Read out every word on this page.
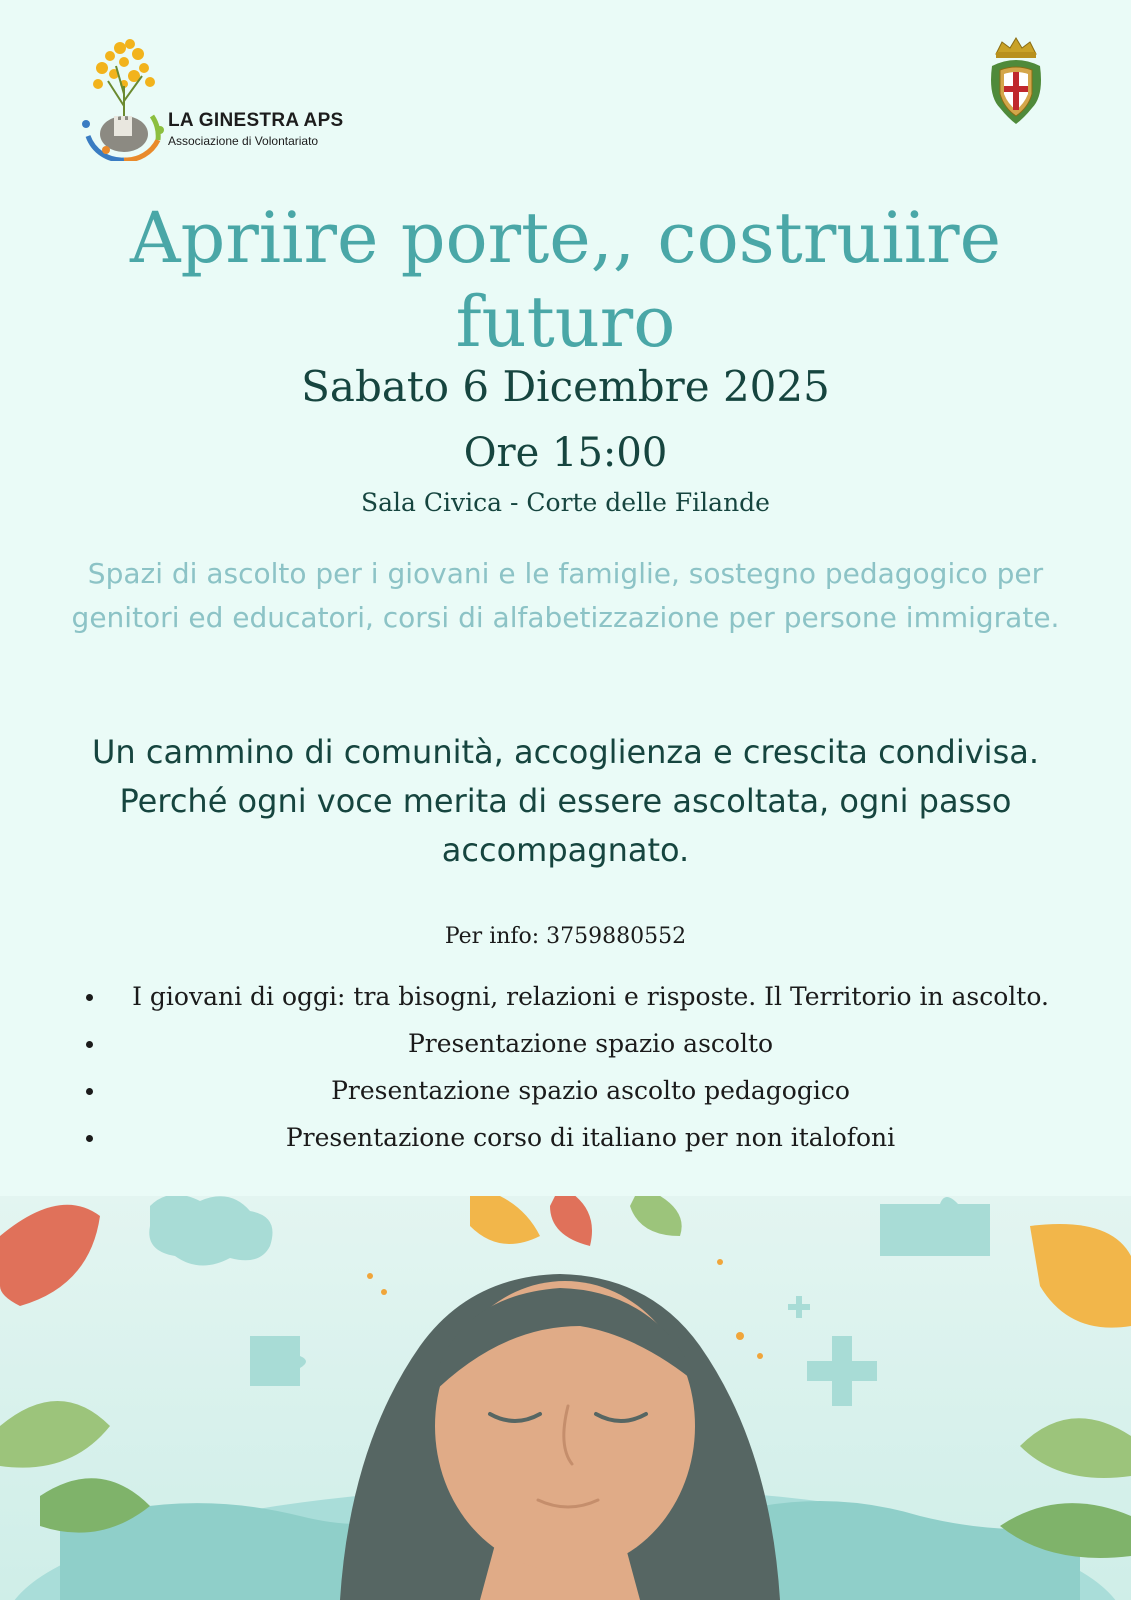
LA GINESTRA APS
Associazione di Volontariato
Apriire porte,, costruiire futuro
Sabato 6 Dicembre 2025
Ore 15:00
Sala Civica - Corte delle Filande

Spazi di ascolto per i giovani e le famiglie, sostegno pedagogico per genitori ed educatori, corsi di alfabetizzazione per persone immigrate.

Un cammino di comunità, accoglienza e crescita condivisa. Perché ogni voce merita di essere ascoltata, ogni passo accompagnato.

Per info: 3759880552
I giovani di oggi: tra bisogni, relazioni e risposte. Il Territorio in ascolto.
Presentazione spazio ascolto
Presentazione spazio ascolto pedagogico
Presentazione corso di italiano per non italofoni
